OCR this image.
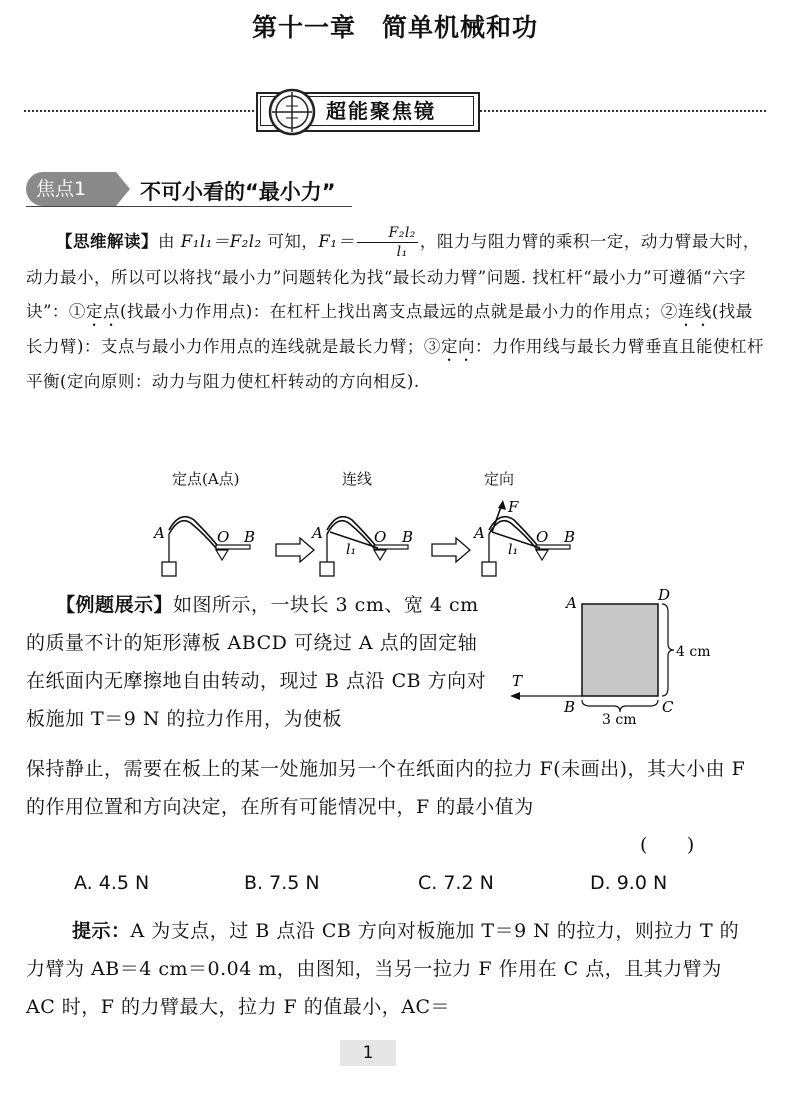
第十一章　简单机械和功
超能聚焦镜
焦点1	不可小看的“最小力”
【思维解读】由 F₁l₁＝F₂l₂ 可知，$F_1= \frac{\text{F₂l₂}}{\text{l₁}}$ ，阻力与阻力臂的乘积一定，动力臂最大时，动力最小，所以可以将找“最小力”问题转化为找“最长动力臂”问题. 找杠杆“最小力”可遵循“六字诀”：①定点(找最小力作用点)：在杠杆上找出离支点最远的点就是最小力的作用点；②连线(找最长力臂)：支点与最小力作用点的连线就是最长力臂；③定向：力作用线与最长力臂垂直且能使杠杆平衡(定向原则：动力与阻力使杠杆转动的方向相反).
定点(A点)	连线	定向
A	O B	A	O B
l₁
A	O B
l₁
F
【例题展示】如图所示，一块长 3 cm、宽 4 cm 的质量不计的矩形薄板 ABCD 可绕过 A 点的固定轴在纸面内无摩擦地自由转动，现过 B 点沿 CB 方向对板施加 T＝9 N 的拉力作用，为使板
A	D
B	C
T
4 cm
3 cm
保持静止，需要在板上的某一处施加另一个在纸面内的拉力 F(未画出)，其大小由 F 的作用位置和方向决定，在所有可能情况中，F 的最小值为
(　　)
A. 4.5 N	B. 7.5 N	C. 7.2 N	D. 9.0 N
提示：A 为支点，过 B 点沿 CB 方向对板施加 T＝9 N 的拉力，则拉力 T 的力臂为 AB＝4 cm＝0.04 m，由图知，当另一拉力 F 作用在 C 点，且其力臂为 AC 时，F 的力臂最大，拉力 F 的值最小，AC＝
1
